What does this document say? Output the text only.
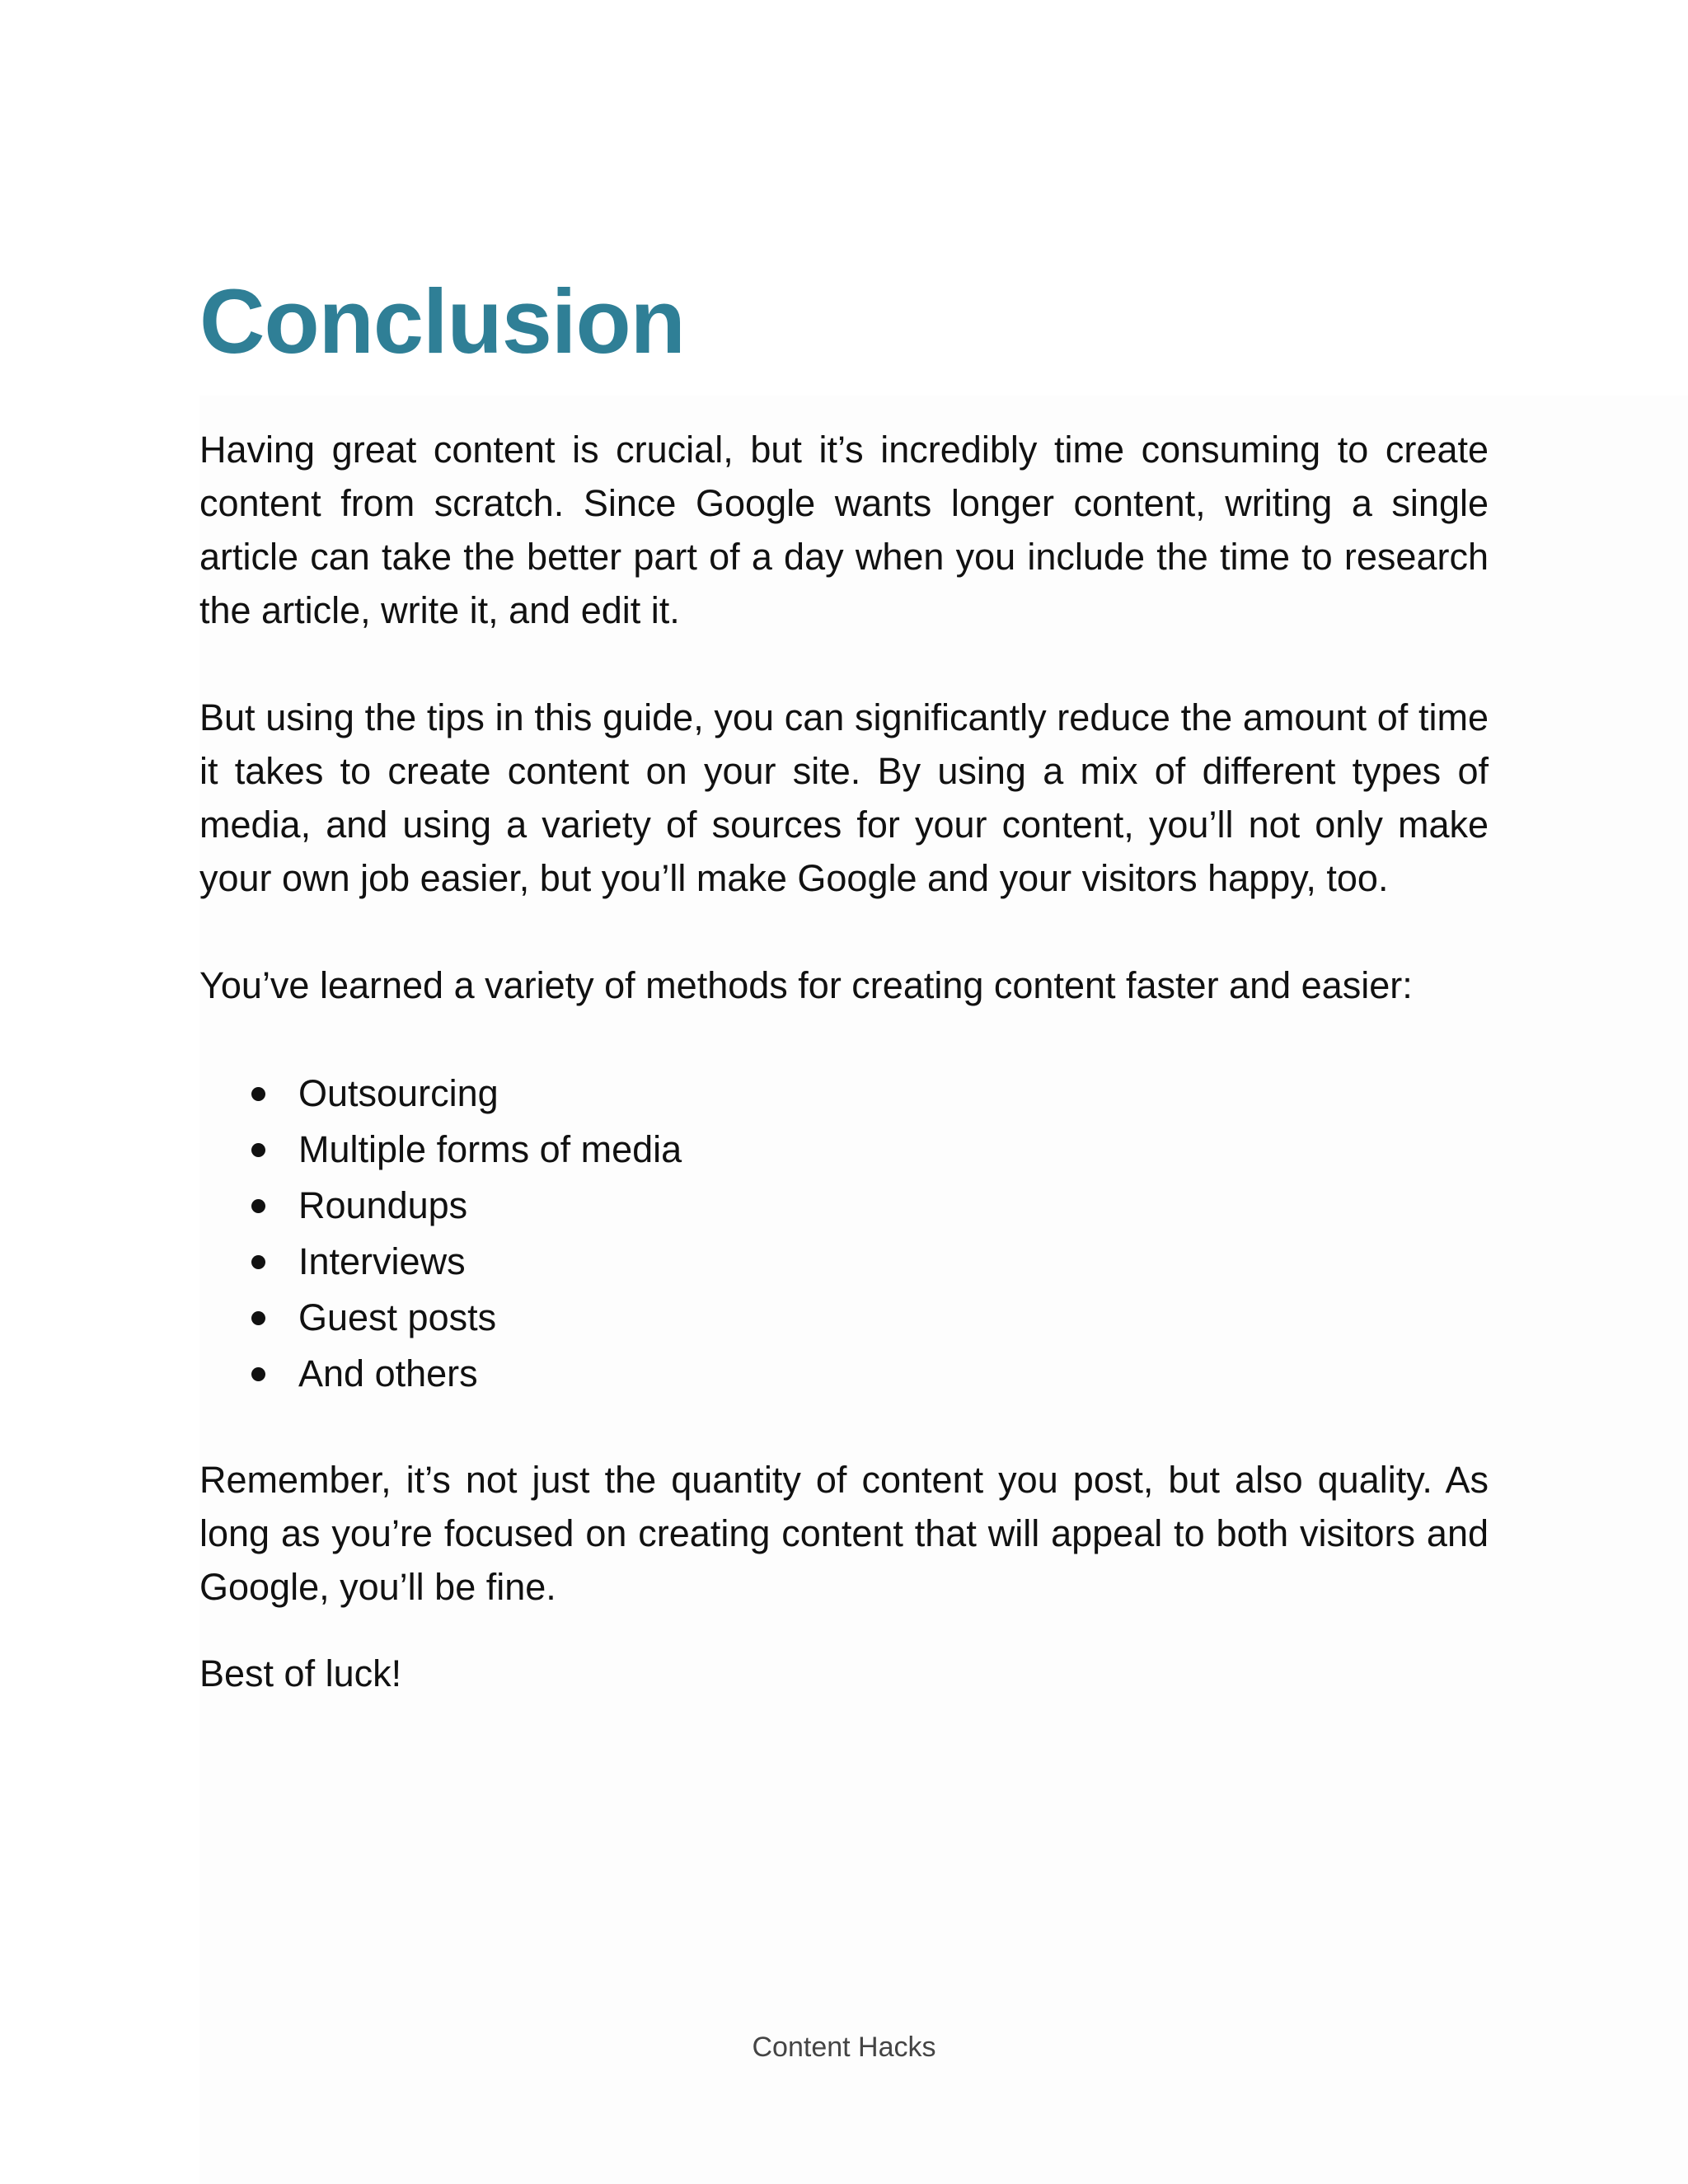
Conclusion

Having great content is crucial, but it’s incredibly time consuming to create content from scratch. Since Google wants longer content, writing a single article can take the better part of a day when you include the time to research the article, write it, and edit it.

But using the tips in this guide, you can significantly reduce the amount of time it takes to create content on your site. By using a mix of different types of media, and using a variety of sources for your content, you’ll not only make your own job easier, but you’ll make Google and your visitors happy, too.

You’ve learned a variety of methods for creating content faster and easier:

Outsourcing
Multiple forms of media
Roundups
Interviews
Guest posts
And others

Remember, it’s not just the quantity of content you post, but also quality. As long as you’re focused on creating content that will appeal to both visitors and Google, you’ll be fine.

Best of luck!

Content Hacks
